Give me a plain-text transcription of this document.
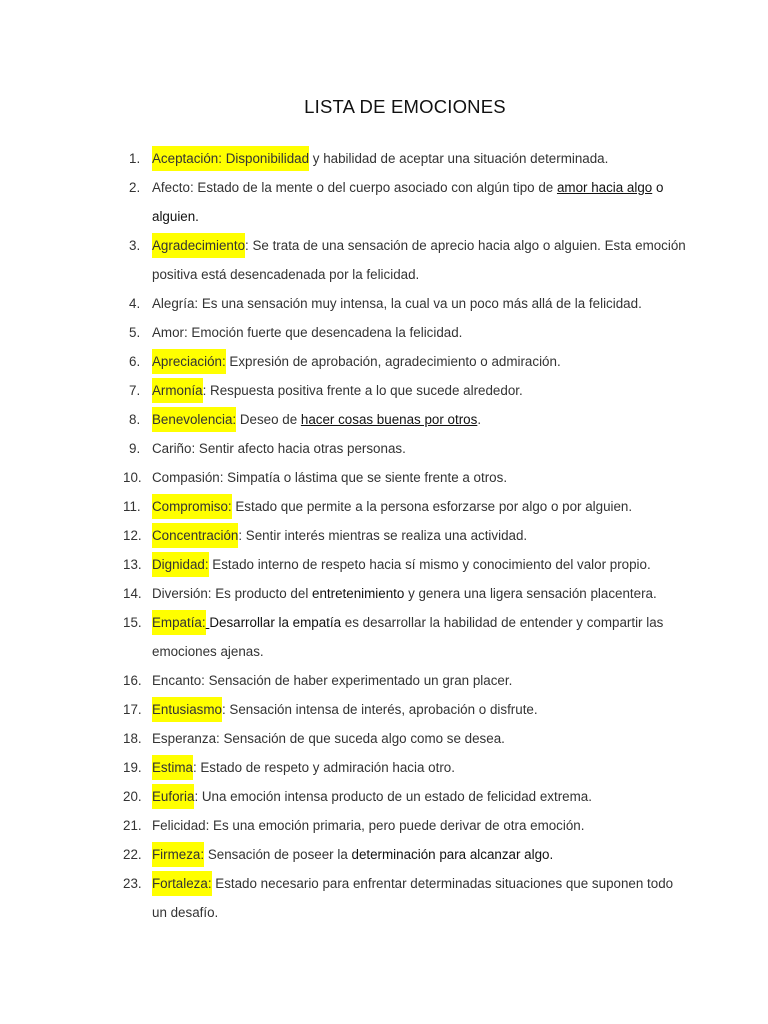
LISTA DE EMOCIONES
1. Aceptación: Disponibilidad y habilidad de aceptar una situación determinada.
2. Afecto: Estado de la mente o del cuerpo asociado con algún tipo de amor hacia algo o
alguien.
3. Agradecimiento: Se trata de una sensación de aprecio hacia algo o alguien. Esta emoción
positiva está desencadenada por la felicidad.
4. Alegría: Es una sensación muy intensa, la cual va un poco más allá de la felicidad.
5. Amor: Emoción fuerte que desencadena la felicidad.
6. Apreciación: Expresión de aprobación, agradecimiento o admiración.
7. Armonía: Respuesta positiva frente a lo que sucede alrededor.
8. Benevolencia: Deseo de hacer cosas buenas por otros.
9. Cariño: Sentir afecto hacia otras personas.
10. Compasión: Simpatía o lástima que se siente frente a otros.
11. Compromiso: Estado que permite a la persona esforzarse por algo o por alguien.
12. Concentración: Sentir interés mientras se realiza una actividad.
13. Dignidad: Estado interno de respeto hacia sí mismo y conocimiento del valor propio.
14. Diversión: Es producto del entretenimiento y genera una ligera sensación placentera.
15. Empatía: Desarrollar la empatía es desarrollar la habilidad de entender y compartir las
emociones ajenas.
16. Encanto: Sensación de haber experimentado un gran placer.
17. Entusiasmo: Sensación intensa de interés, aprobación o disfrute.
18. Esperanza: Sensación de que suceda algo como se desea.
19. Estima: Estado de respeto y admiración hacia otro.
20. Euforia: Una emoción intensa producto de un estado de felicidad extrema.
21. Felicidad: Es una emoción primaria, pero puede derivar de otra emoción.
22. Firmeza: Sensación de poseer la determinación para alcanzar algo.
23. Fortaleza: Estado necesario para enfrentar determinadas situaciones que suponen todo
un desafío.
